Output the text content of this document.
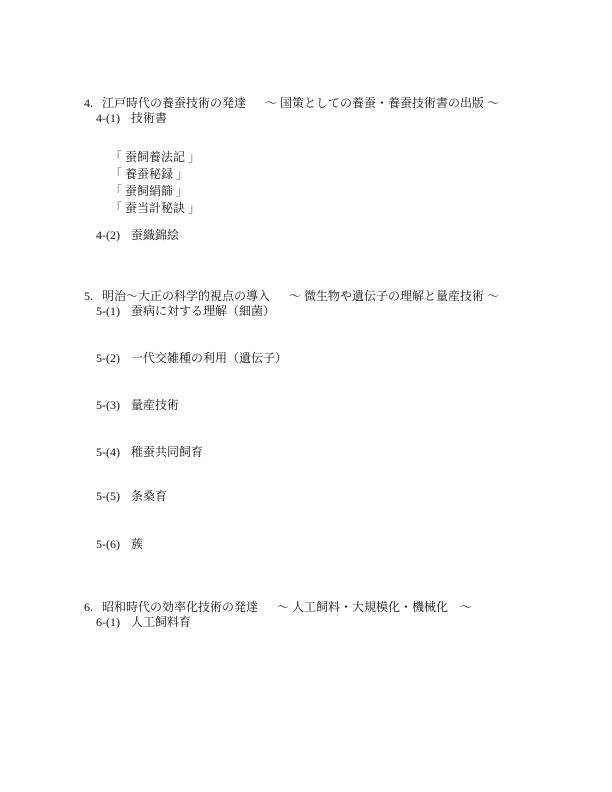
4. 江戸時代の養蚕技術の発達 ～ 国策としての養蚕・養蚕技術書の出版 ～
4-(1) 技術書
「 蚕飼養法記 」
「 養蚕秘録 」
「 蚕飼絹篩 」
「 蚕当計秘訣 」
4-(2) 蚕織錦絵
5. 明治～大正の科学的視点の導入 ～ 微生物や遺伝子の理解と量産技術 ～
5-(1) 蚕病に対する理解（細菌）
5-(2) 一代交雑種の利用（遺伝子）
5-(3) 量産技術
5-(4) 稚蚕共同飼育
5-(5) 条桑育
5-(6) 蔟
6. 昭和時代の効率化技術の発達 ～ 人工飼料・大規模化・機械化　～
6-(1) 人工飼料育
